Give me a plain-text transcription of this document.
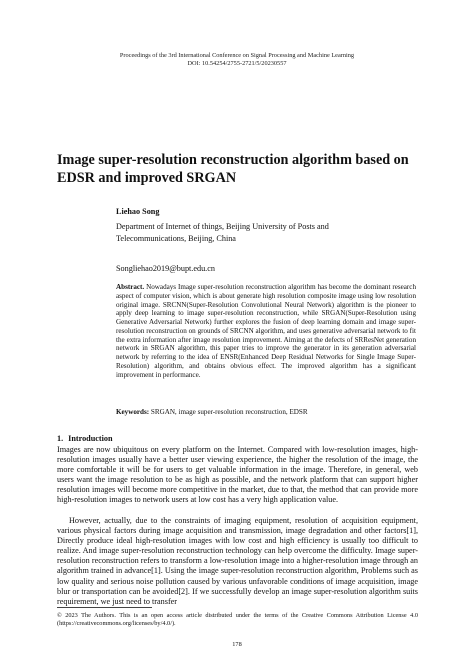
Proceedings of the 3rd International Conference on Signal Processing and Machine Learning
DOI: 10.54254/2755-2721/5/20230557
Image super-resolution reconstruction algorithm based on
EDSR and improved SRGAN
Liehao Song
Department of Internet of things, Beijing University of Posts and
Telecommunications, Beijing, China
Songliehao2019@bupt.edu.cn
Abstract. Nowadays Image super-resolution reconstruction algorithm has become the dominant research aspect of computer vision, which is about generate high resolution composite image using low resolution original image. SRCNN(Super-Resolution Convolutional Neural Network) algorithm is the pioneer to apply deep learning to image super-resolution reconstruction, while SRGAN(Super-Resolution using Generative Adversarial Network) further explores the fusion of deep learning domain and image super-resolution reconstruction on grounds of SRCNN algorithm, and uses generative adversarial network to fit the extra information after image resolution improvement. Aiming at the defects of SRResNet generation network in SRGAN algorithm, this paper tries to improve the generator in its generation adversarial network by referring to the idea of ENSR(Enhanced Deep Residual Networks for Single Image Super-Resolution) algorithm, and obtains obvious effect. The improved algorithm has a significant improvement in performance.
Keywords: SRGAN, image super-resolution reconstruction, EDSR
1. Introduction

Images are now ubiquitous on every platform on the Internet. Compared with low-resolution images, high-resolution images usually have a better user viewing experience, the higher the resolution of the image, the more comfortable it will be for users to get valuable information in the image. Therefore, in general, web users want the image resolution to be as high as possible, and the network platform that can support higher resolution images will become more competitive in the market, due to that, the method that can provide more high-resolution images to network users at low cost has a very high application value.

However, actually, due to the constraints of imaging equipment, resolution of acquisition equipment, various physical factors during image acquisition and transmission, image degradation and other factors[1], Directly produce ideal high-resolution images with low cost and high efficiency is usually too difficult to realize. And image super-resolution reconstruction technology can help overcome the difficulty. Image super-resolution reconstruction refers to transform a low-resolution image into a higher-resolution image through an algorithm trained in advance[1]. Using the image super-resolution reconstruction algorithm, Problems such as low quality and serious noise pollution caused by various unfavorable conditions of image acquisition, image blur or transportation can be avoided[2]. If we successfully develop an image super-resolution algorithm suits requirement, we just need to transfer

© 2023 The Authors. This is an open access article distributed under the terms of the Creative Commons Attribution License 4.0 (https://creativecommons.org/licenses/by/4.0/).
178
